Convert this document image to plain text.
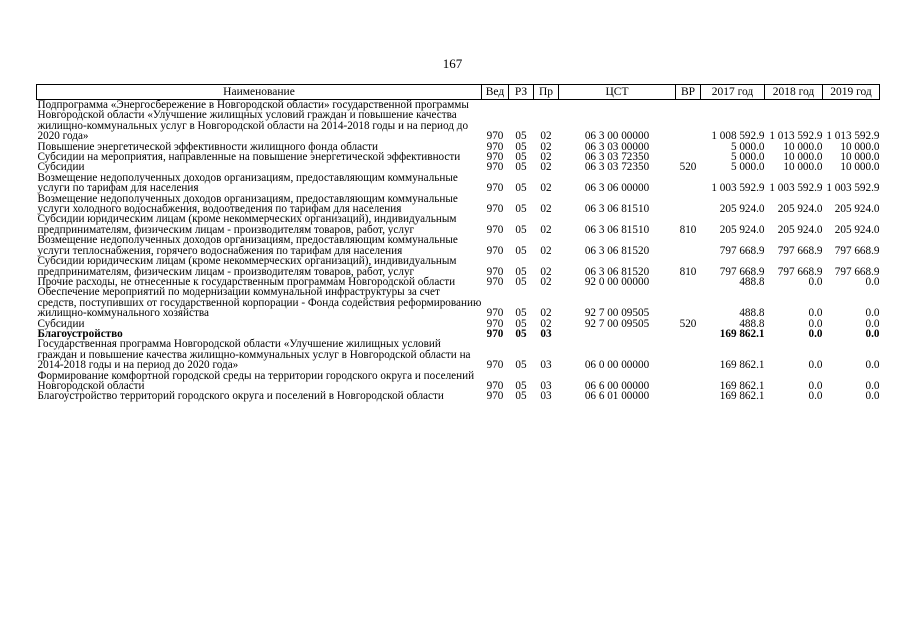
167
Наименование	Вед	РЗ	Пр	ЦСТ	ВР	2017 год	2018 год	2019 год
Подпрограмма «Энергосбережение в Новгородской области» государственной программы Новгородской области «Улучшение жилищных условий граждан и повышение качества жилищно-коммунальных услуг в Новгородской области на 2014-2018 годы и на период до 2020 года»	970	05	02	06 3 00 00000		1 008 592.9	1 013 592.9	1 013 592.9
Повышение энергетической эффективности жилищного фонда области	970	05	02	06 3 03 00000		5 000.0	10 000.0	10 000.0
Субсидии на мероприятия, направленные на повышение энергетической эффективности	970	05	02	06 3 03 72350		5 000.0	10 000.0	10 000.0
Субсидии	970	05	02	06 3 03 72350	520	5 000.0	10 000.0	10 000.0
Возмещение недополученных доходов организациям, предоставляющим коммунальные услуги по тарифам для населения	970	05	02	06 3 06 00000		1 003 592.9	1 003 592.9	1 003 592.9
Возмещение недополученных доходов организациям, предоставляющим коммунальные услуги холодного водоснабжения, водоотведения по тарифам для населения	970	05	02	06 3 06 81510		205 924.0	205 924.0	205 924.0
Субсидии юридическим лицам (кроме некоммерческих организаций), индивидуальным предпринимателям, физическим лицам - производителям товаров, работ, услуг	970	05	02	06 3 06 81510	810	205 924.0	205 924.0	205 924.0
Возмещение недополученных доходов организациям, предоставляющим коммунальные услуги теплоснабжения, горячего водоснабжения по тарифам для населения	970	05	02	06 3 06 81520		797 668.9	797 668.9	797 668.9
Субсидии юридическим лицам (кроме некоммерческих организаций), индивидуальным предпринимателям, физическим лицам - производителям товаров, работ, услуг	970	05	02	06 3 06 81520	810	797 668.9	797 668.9	797 668.9
Прочие расходы, не отнесенные к государственным программам Новгородской области	970	05	02	92 0 00 00000		488.8	0.0	0.0
Обеспечение мероприятий по модернизации коммунальной инфраструктуры за счет средств, поступивших от государственной корпорации - Фонда содействия реформированию жилищно-коммунального хозяйства	970	05	02	92 7 00 09505		488.8	0.0	0.0
Субсидии	970	05	02	92 7 00 09505	520	488.8	0.0	0.0
Благоустройство	970	05	03			169 862.1	0.0	0.0
Государственная программа Новгородской области «Улучшение жилищных условий граждан и повышение качества жилищно-коммунальных услуг в Новгородской области на 2014-2018 годы и на период до 2020 года»	970	05	03	06 0 00 00000		169 862.1	0.0	0.0
Формирование комфортной городской среды на территории городского округа и поселений Новгородской области	970	05	03	06 6 00 00000		169 862.1	0.0	0.0
Благоустройство территорий городского округа и поселений в Новгородской области	970	05	03	06 6 01 00000		169 862.1	0.0	0.0
